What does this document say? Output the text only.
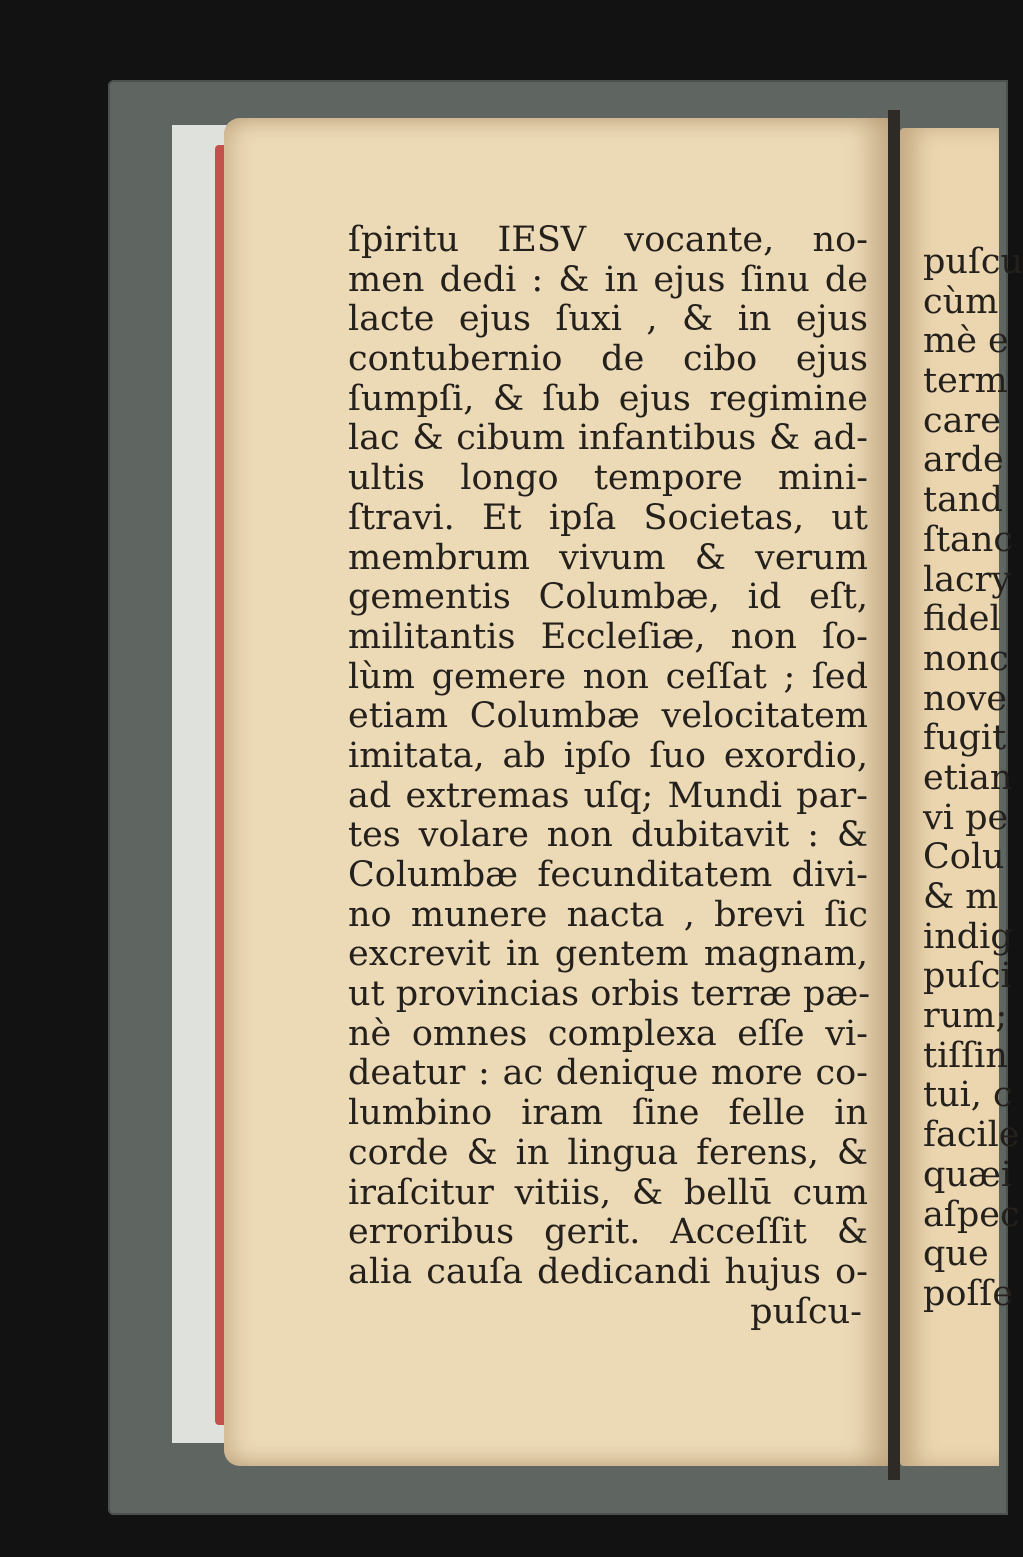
ſpiritu IESV vocante, no-
men dedi : & in ejus ſinu de
lacte ejus ſuxi , & in ejus
contubernio de cibo ejus
ſumpſi, & ſub ejus regimine
lac & cibum infantibus & ad-
ultis longo tempore mini-
ſtravi. Et ipſa Societas, ut
membrum vivum & verum
gementis Columbæ, id eſt,
militantis Eccleſiæ, non ſo-
lùm gemere non ceſſat ; ſed
etiam Columbæ velocitatem
imitata, ab ipſo ſuo exordio,
ad extremas uſq; Mundi par-
tes volare non dubitavit : &
Columbæ fecunditatem divi-
no munere nacta , brevi ſic
excrevit in gentem magnam,
ut provincias orbis terræ pæ-
nè omnes complexa eſſe vi-
deatur : ac denique more co-
lumbino iram ſine felle in
corde & in lingua ferens, &
iraſcitur vitiis, & bellū cum
erroribus gerit. Acceſſit &
alia cauſa dedicandi hujus o-
puſcu-
puſcu
cùm
mè e
term
care
arde
tand
ſtanc
lacry
fidel
nonc
nove
fugit
etian
vi pe
Colu
& m
indig
puſci
rum;
tiſſin
tui, c
facile
quæi
aſpec
que
poſſe
